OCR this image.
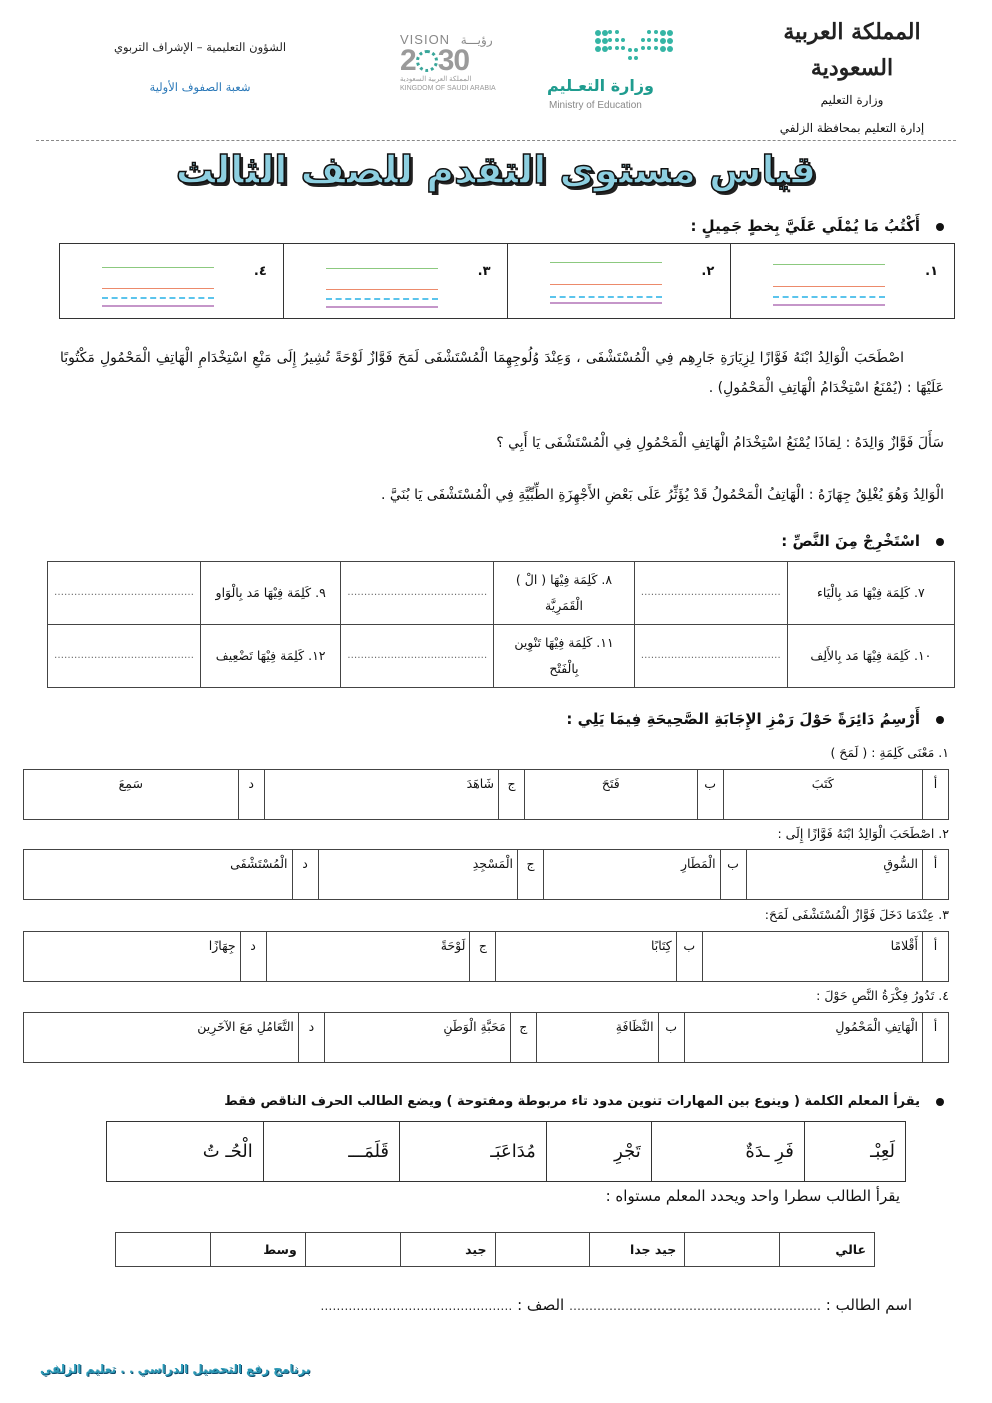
المملكة العربية السعودية
وزارة التعليم
إدارة التعليم بمحافظة الزلفي
وزارة التعـليم
Ministry of Education
VISION رؤيـــة
2 30
المملكة العربية السعودية
KINGDOM OF SAUDI ARABIA
الشؤون التعليمية – الإشراف التربوي
شعبة الصفوف الأولية
قياس مستوى التقدم للصف الثالث
أَكْتُبُ مَا يُمْلَي عَلَيَّ بِخطٍ جَمِيلٍ :
١.
٢.
٣.
٤.
اصْطَحَبَ الْوَالِدُ ابْنَهُ فَوَّازًا لِزِيَارَةِ جَارِهِم فِي الْمُسْتَشْفَى ، وَعِنْدَ وُلُوجِهِمَا الْمُسْتَشْفَى لَمَحَ فَوَّازٌ لَوْحَةً تُشِيرُ إِلَى مَنْعِ اسْتِخْدَامِ الْهَاتِفِ الْمَحْمُولِ مَكْتُوبًا عَلَيْهَا : (يُمْنَعُ اسْتِخْدَامُ الْهَاتِفِ الْمَحْمُولِ) .
سَأَلَ فَوَّازٌ وَالِدَهُ : لِمَاذَا يُمْنَعُ اسْتِخْدَامُ الْهَاتِفِ الْمَحْمُولِ فِي الْمُسْتَشْفَى يَا أَبِي ؟
الْوَالِدُ وَهُوَ يُغْلِقُ جِهَازَهُ : الْهَاتِفُ الْمَحْمُولُ قَدْ يُؤَثِّرُ عَلَى بَعْضِ الأَجْهِزَةِ الطِّبِّيَّةِ فِي الْمُسْتَشْفَى يَا بُنَيَّ .
اسْتَخْرِجْ مِنَ النَّصِّ :
٧. كَلِمَة فِيْهَا مَد بِالْيَاء	……………………………………	٨. كَلِمَة فِيْهَا ( الْ ) الْقَمَرِيَّة	……………………………………	٩. كَلِمَة فِيْهَا مَد بِالْوَاو	……………………………………
١٠. كَلِمَة فِيْهَا مَد بِالأَلِف	……………………………………	١١. كَلِمَة فِيْهَا تَنْوِين بِالْفَتْح	……………………………………	١٢. كَلِمَة فِيْهَا تَضْعِيف	……………………………………
أَرْسِمُ دَائِرَةً حَوْلَ رَمْزِ الإِجَابَةِ الصَّحِيحَةِ فِيمَا يَلِي :
١. مَعْنَى كَلِمَةِ : ( لَمَحَ )
أ	كَتَبَ	ب	فَتَحَ	ج	شَاهَدَ	د	سَمِعَ
٢. اصْطَحَبَ الْوَالِدُ ابْنَهُ فَوَّازًا إِلَى :
أ	السُّوقِ	ب	الْمَطَارِ	ج	الْمَسْجِدِ	د	الْمُسْتَشْفَى
٣. عِنْدَمَا دَخَلَ فَوَّازٌ الْمُسْتَشْفَى لَمَحَ:
أ	أَقْلامًا	ب	كِتَابًا	ج	لَوْحَةً	د	جِهَازًا
٤. تَدُورُ فِكْرَةُ النَّصِ حَوْلَ :
أ	الْهَاتِفِ الْمَحْمُولِ	ب	النَّظَافَةِ	ج	مَحَبَّةِ الْوَطَنِ	د	التَّعَامُلِ مَعَ الآخَرِين
يقرأ المعلم الكلمة ( وينوع بين المهارات تنوين مدود تاء مربوطة ومفتوحة ) ويضع الطالب الحرف الناقص فقط
لَعِبْـ	فَرِ ـدَةٌ	تَجْرِ	مُدَاعَبَـ	قَلَمَـــ	الْحُـ تُ
يقرأ الطالب سطرا واحد ويحدد المعلم مستواه :
عالي		جيد جدا		جيد		وسط	
اسم الطالب : ……………………………………………………… الصف : …………………………………………
برنامج رفع التحصيل الدراسي . . تعليم الزلفي
